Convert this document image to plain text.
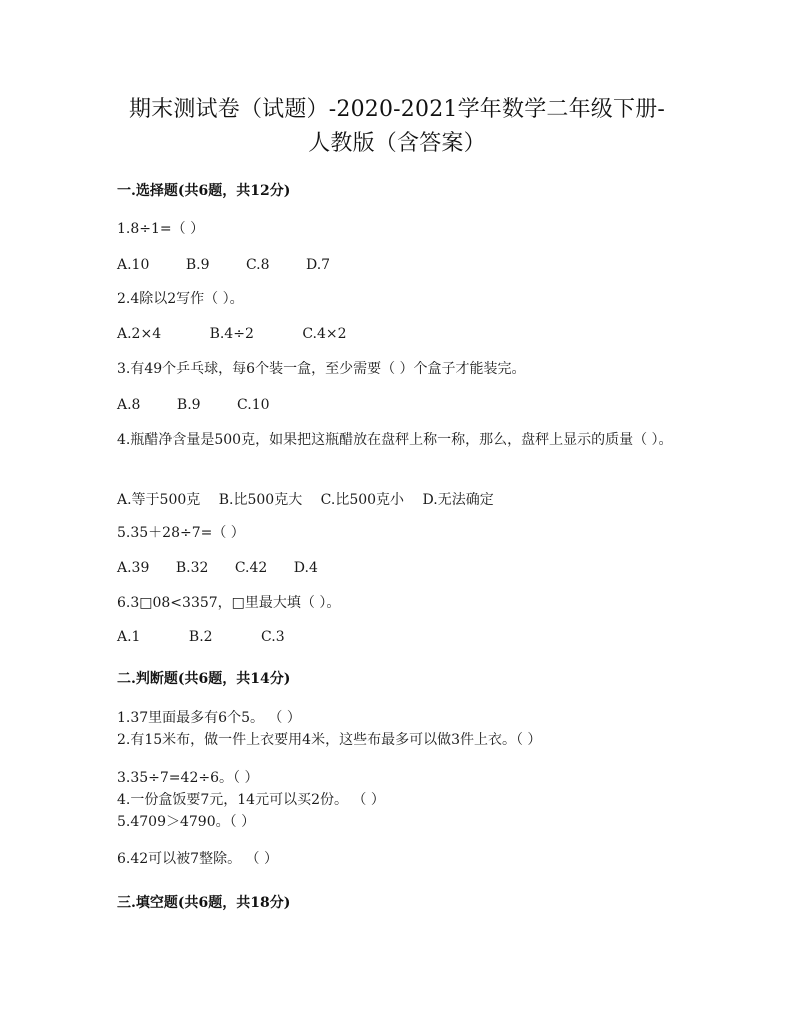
期末测试卷（试题）-2020-2021学年数学二年级下册-
人教版（含答案）
一.选择题(共6题，共12分)
1.8÷1=（ ）
A.10	B.9	C.8	D.7
2.4除以2写作（ ）。
A.2×4	B.4÷2	C.4×2
3.有49个乒乓球，每6个装一盒，至少需要（ ）个盒子才能装完。
A.8	B.9	C.10
4.瓶醋净含量是500克，如果把这瓶醋放在盘秤上称一称，那么，盘秤上显示的质量（ ）。
A.等于500克 B.比500克大 C.比500克小 D.无法确定
5.35＋28÷7=（ ）
A.39 B.32 C.42 D.4
6.3□08<3357，□里最大填（ ）。
A.1	B.2	C.3
二.判断题(共6题，共14分)
1.37里面最多有6个5。 （ ）
2.有15米布，做一件上衣要用4米，这些布最多可以做3件上衣。（ ）
3.35÷7=42÷6。（ ）
4.一份盒饭要7元，14元可以买2份。 （ ）
5.4709＞4790。（ ）
6.42可以被7整除。 （ ）
三.填空题(共6题，共18分)
